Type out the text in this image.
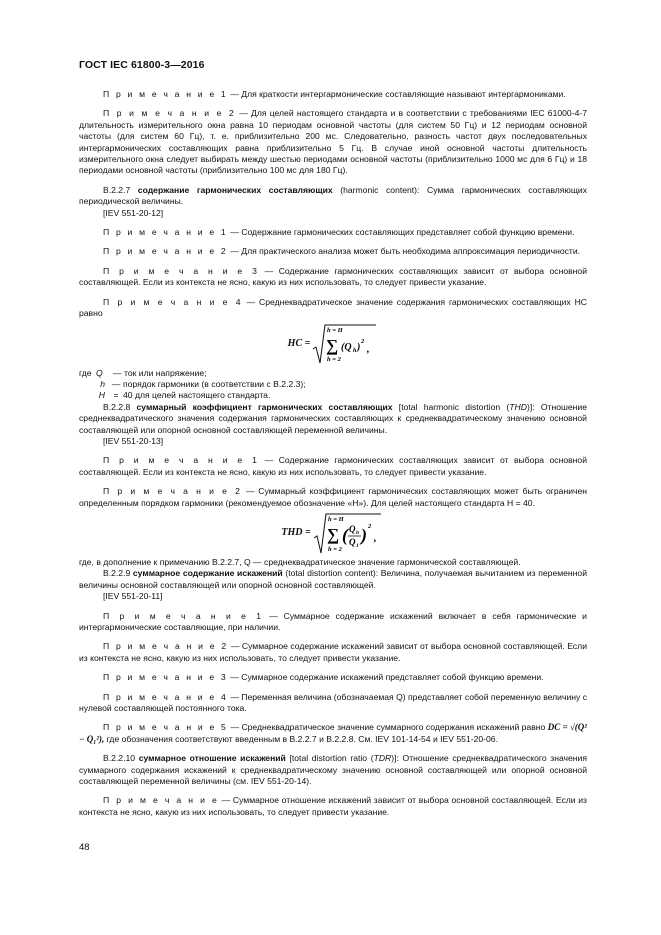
ГОСТ IEC 61800-3—2016

П р и м е ч а н и е 1 — Для краткости интергармонические составляющие называют интергармониками.

П р и м е ч а н и е 2 — Для целей настоящего стандарта и в соответствии с требованиями IEC 61000-4-7 длительность измерительного окна равна 10 периодам основной частоты (для систем 50 Гц) и 12 периодам основной частоты (для систем 60 Гц), т. е. приблизительно 200 мс. Следовательно, разность частот двух последовательных интергармонических составляющих равна приблизительно 5 Гц. В случае иной основной частоты длительность измерительного окна следует выбирать между шестью периодами основной частоты (приблизительно 1000 мс для 6 Гц) и 18 периодами основной частоты (приблизительно 100 мс для 180 Гц).

В.2.2.7 содержание гармонических составляющих (harmonic content): Сумма гармонических составляющих периодической величины.

[IEV 551-20-12]

П р и м е ч а н и е 1 — Содержание гармонических составляющих представляет собой функцию времени.

П р и м е ч а н и е 2 — Для практического анализа может быть необходима аппроксимация периодичности.

П р и м е ч а н и е 3 — Содержание гармонических составляющих зависит от выбора основной составляющей. Если из контекста не ясно, какую из них использовать, то следует привести указание.

П р и м е ч а н и е 4 — Среднеквадратическое значение содержания гармонических составляющих НС равно

HC =
h = H
∑
h = 2
(Q h )
2
,
где Q	— ток или напряжение;
h — порядок гармоники (в соответствии с В.2.2.3);
H = 40 для целей настоящего стандарта.

В.2.2.8 суммарный коэффициент гармонических составляющих [total harmonic distortion (THD)]: Отношение среднеквадратического значения содержания гармонических составляющих к среднеквадратическому значению основной составляющей или опорной основной составляющей переменной величины.

[IEV 551-20-13]

П р и м е ч а н и е 1 — Содержание гармонических составляющих зависит от выбора основной составляющей. Если из контекста не ясно, какую из них использовать, то следует привести указание.

П р и м е ч а н и е 2 — Суммарный коэффициент гармонических составляющих может быть ограничен определенным порядком гармоники (рекомендуемое обозначение «H»). Для целей настоящего стандарта H = 40.

THD =
h = H
∑
h = 2
( Q h
Q 1
) 2
,

где, в дополнение к примечанию В.2.2.7, Q — среднеквадратическое значение гармонической составляющей.

В.2.2.9 суммарное содержание искажений (total distortion content): Величина, получаемая вычитанием из переменной величины основной составляющей или опорной основной составляющей.

[IEV 551-20-11]

П р и м е ч а н и е 1 — Суммарное содержание искажений включает в себя гармонические и интергармонические составляющие, при наличии.

П р и м е ч а н и е 2 — Суммарное содержание искажений зависит от выбора основной составляющей. Если из контекста не ясно, какую из них использовать, то следует привести указание.

П р и м е ч а н и е 3 — Суммарное содержание искажений представляет собой функцию времени.

П р и м е ч а н и е 4 — Переменная величина (обозначаемая Q) представляет собой переменную величину с нулевой составляющей постоянного тока.

П р и м е ч а н и е 5 — Среднеквадратическое значение суммарного содержания искажений равно DC = √(Q² − Q₁²), где обозначения соответствуют введенным в В.2.2.7 и В.2.2.8. См. IEV 101-14-54 и IEV 551-20-06.

В.2.2.10 суммарное отношение искажений [total distortion ratio (TDR)]: Отношение среднеквадратического значения суммарного содержания искажений к среднеквадратическому значению основной составляющей или опорной основной составляющей переменной величины (см. IEV 551-20-14).

П р и м е ч а н и е — Суммарное отношение искажений зависит от выбора основной составляющей. Если из контекста не ясно, какую из них использовать, то следует привести указание.

48
